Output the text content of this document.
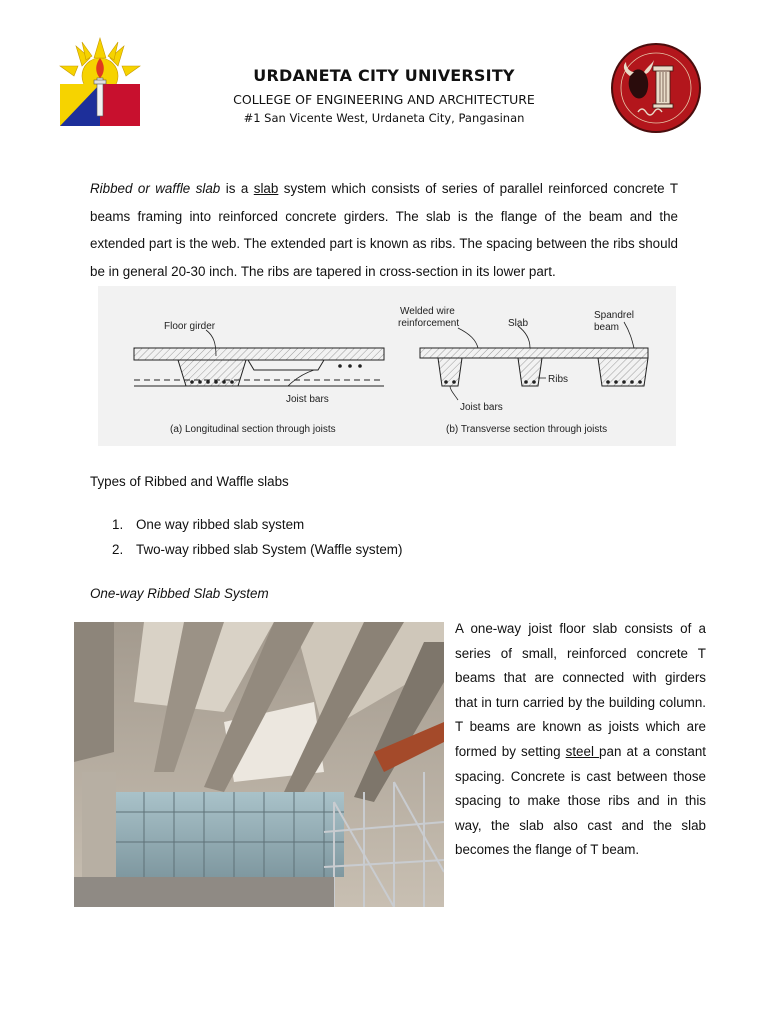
URDANETA CITY UNIVERSITY
COLLEGE OF ENGINEERING AND ARCHITECTURE
#1 San Vicente West, Urdaneta City, Pangasinan
Ribbed or waffle slab is a slab system which consists of series of parallel reinforced concrete T beams framing into reinforced concrete girders. The slab is the flange of the beam and the extended part is the web. The extended part is known as ribs. The spacing between the ribs should be in general 20-30 inch. The ribs are tapered in cross-section in its lower part.
Floor girder
Joist bars
(a) Longitudinal section through joists
Welded wire
reinforcement	Slab
Spandrel
beam
Ribs
Joist bars
(b) Transverse section through joists
Types of Ribbed and Waffle slabs
1. One way ribbed slab system
2. Two-way ribbed slab System (Waffle system)
One-way Ribbed Slab System
A one-way joist floor slab consists of a series of small, reinforced concrete T beams that are connected with girders that in turn carried by the building column. T beams are known as joists which are formed by setting steel pan at a constant spacing. Concrete is cast between those spacing to make those ribs and in this way, the slab also cast and the slab becomes the flange of T beam.
